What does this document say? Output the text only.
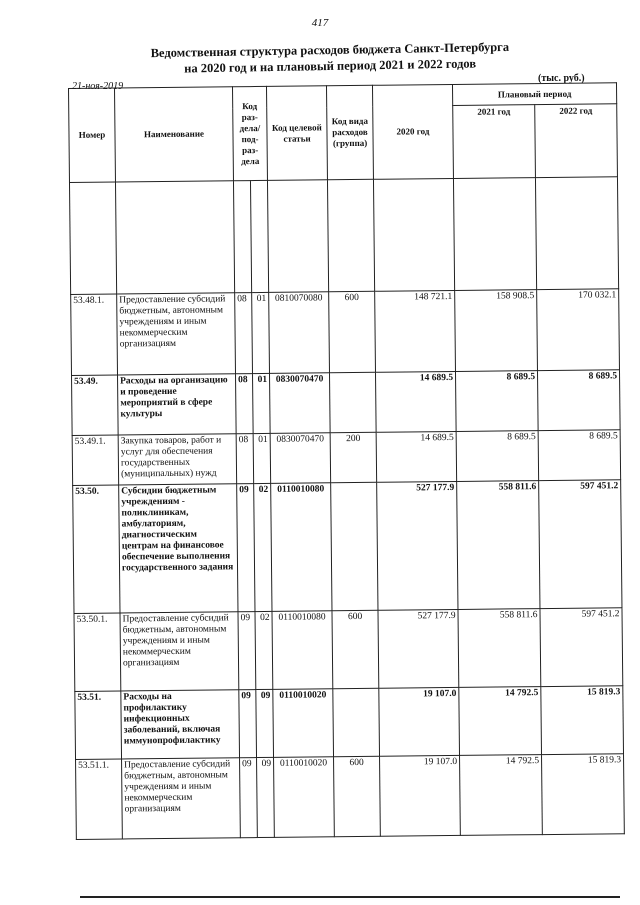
417
Ведомственная структура расходов бюджета Санкт-Петербурга
на 2020 год и на плановый период 2021 и 2022 годов
(тыс. руб.)
21-ноя-2019
Номер	Наименование	Код раз- дела/ под- раз- дела		Код целевой статьи	Код вида расходов (группа)	2020 год	Плановый период	
							2021 год	2022 год

53.48.1.	Предоставление субсидий бюджетным, автономным учреждениям и иным некоммерческим организациям	08	01	0810070080	600	148 721.1	158 908.5	170 032.1
53.49.	Расходы на организацию и проведение мероприятий в сфере культуры	08	01	0830070470		14 689.5	8 689.5	8 689.5
53.49.1.	Закупка товаров, работ и услуг для обеспечения государственных (муниципальных) нужд	08	01	0830070470	200	14 689.5	8 689.5	8 689.5
53.50.	Субсидии бюджетным учреждениям - поликлиникам, амбулаториям, диагностическим центрам на финансовое обеспечение выполнения государственного задания	09	02	0110010080		527 177.9	558 811.6	597 451.2
53.50.1.	Предоставление субсидий бюджетным, автономным учреждениям и иным некоммерческим организациям	09	02	0110010080	600	527 177.9	558 811.6	597 451.2
53.51.	Расходы на профилактику инфекционных заболеваний, включая иммунопрофилактику	09	09	0110010020		19 107.0	14 792.5	15 819.3
53.51.1.	Предоставление субсидий бюджетным, автономным учреждениям и иным некоммерческим организациям	09	09	0110010020	600	19 107.0	14 792.5	15 819.3
